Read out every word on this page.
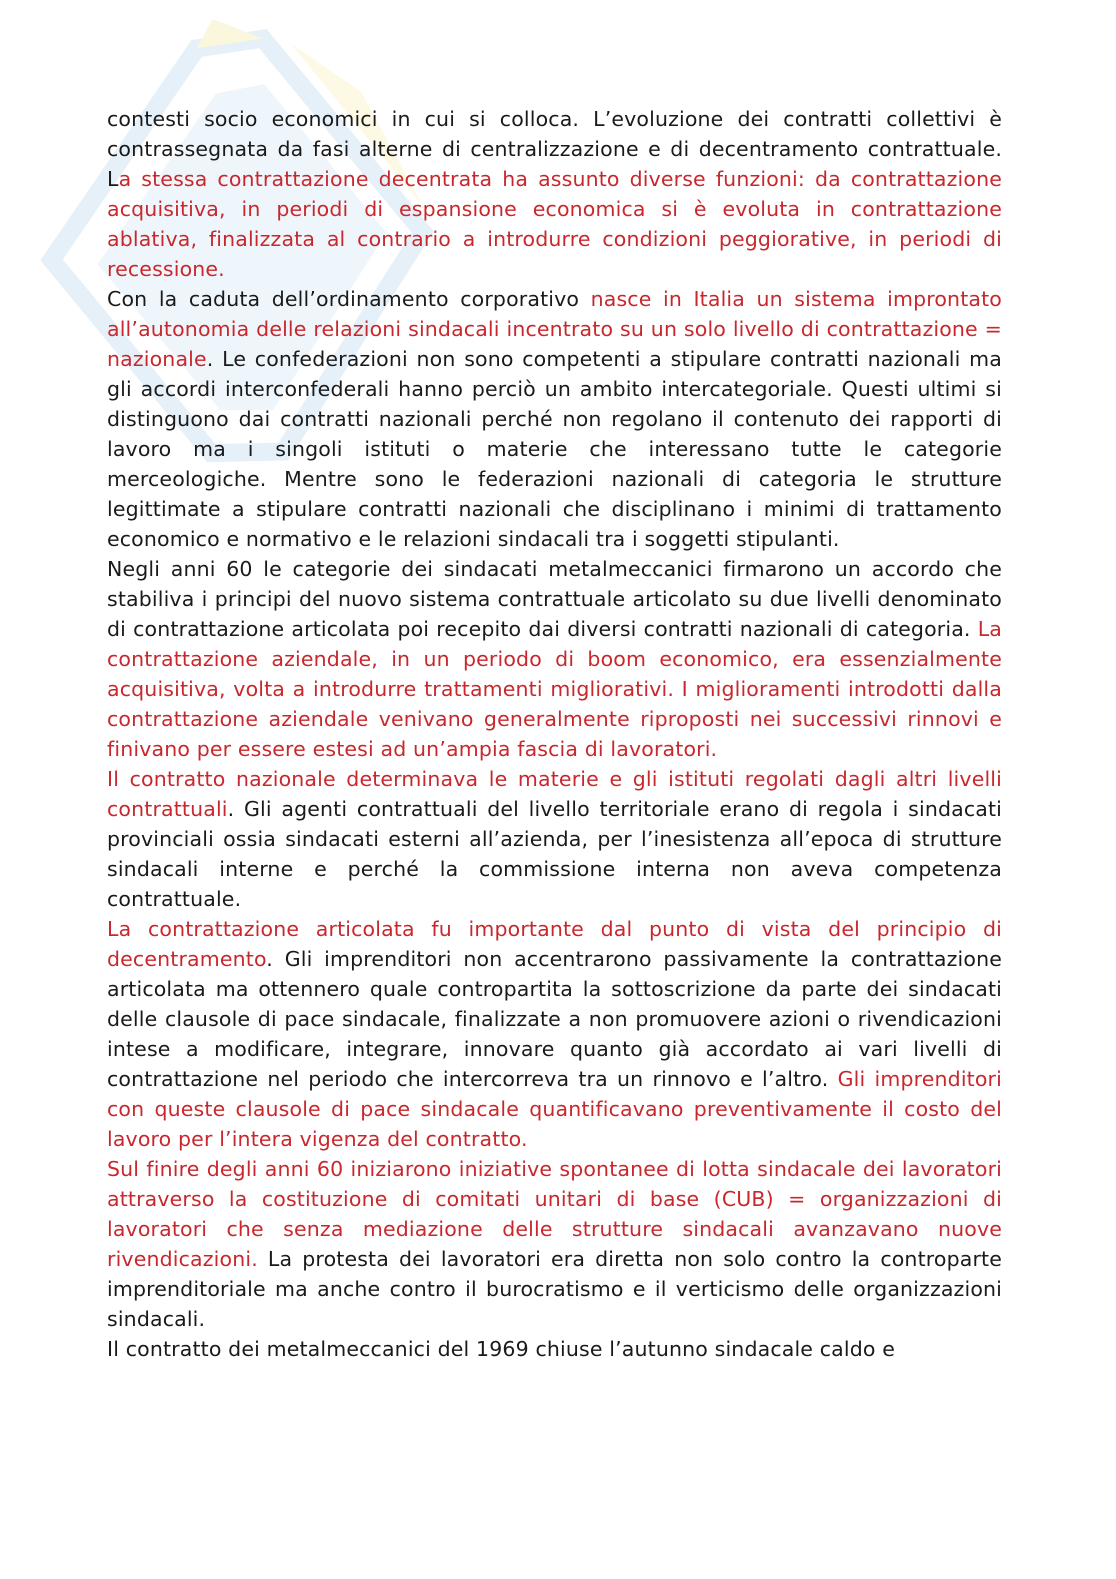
contesti socio economici in cui si colloca. L’evoluzione dei contratti collettivi è contrassegnata da fasi alterne di centralizzazione e di decentramento contrattuale. La stessa contrattazione decentrata ha assunto diverse funzioni: da contrattazione acquisitiva, in periodi di espansione economica si è evoluta in contrattazione ablativa, finalizzata al contrario a introdurre condizioni peggiorative, in periodi di recessione.

Con la caduta dell’ordinamento corporativo nasce in Italia un sistema improntato all’autonomia delle relazioni sindacali incentrato su un solo livello di contrattazione = nazionale. Le confederazioni non sono competenti a stipulare contratti nazionali ma gli accordi interconfederali hanno perciò un ambito intercategoriale. Questi ultimi si distinguono dai contratti nazionali perché non regolano il contenuto dei rapporti di lavoro ma i singoli istituti o materie che interessano tutte le categorie merceologiche. Mentre sono le federazioni nazionali di categoria le strutture legittimate a stipulare contratti nazionali che disciplinano i minimi di trattamento economico e normativo e le relazioni sindacali tra i soggetti stipulanti.

Negli anni 60 le categorie dei sindacati metalmeccanici firmarono un accordo che stabiliva i principi del nuovo sistema contrattuale articolato su due livelli denominato di contrattazione articolata poi recepito dai diversi contratti nazionali di categoria. La contrattazione aziendale, in un periodo di boom economico, era essenzialmente acquisitiva, volta a introdurre trattamenti migliorativi. I miglioramenti introdotti dalla contrattazione aziendale venivano generalmente riproposti nei successivi rinnovi e finivano per essere estesi ad un’ampia fascia di lavoratori.

Il contratto nazionale determinava le materie e gli istituti regolati dagli altri livelli contrattuali. Gli agenti contrattuali del livello territoriale erano di regola i sindacati provinciali ossia sindacati esterni all’azienda, per l’inesistenza all’epoca di strutture sindacali interne e perché la commissione interna non aveva competenza contrattuale.

La contrattazione articolata fu importante dal punto di vista del principio di decentramento. Gli imprenditori non accentrarono passivamente la contrattazione articolata ma ottennero quale contropartita la sottoscrizione da parte dei sindacati delle clausole di pace sindacale, finalizzate a non promuovere azioni o rivendicazioni intese a modificare, integrare, innovare quanto già accordato ai vari livelli di contrattazione nel periodo che intercorreva tra un rinnovo e l’altro. Gli imprenditori con queste clausole di pace sindacale quantificavano preventivamente il costo del lavoro per l’intera vigenza del contratto.

Sul finire degli anni 60 iniziarono iniziative spontanee di lotta sindacale dei lavoratori attraverso la costituzione di comitati unitari di base (CUB) = organizzazioni di lavoratori che senza mediazione delle strutture sindacali avanzavano nuove rivendicazioni. La protesta dei lavoratori era diretta non solo contro la controparte imprenditoriale ma anche contro il burocratismo e il verticismo delle organizzazioni sindacali.

Il contratto dei metalmeccanici del 1969 chiuse l’autunno sindacale caldo e
